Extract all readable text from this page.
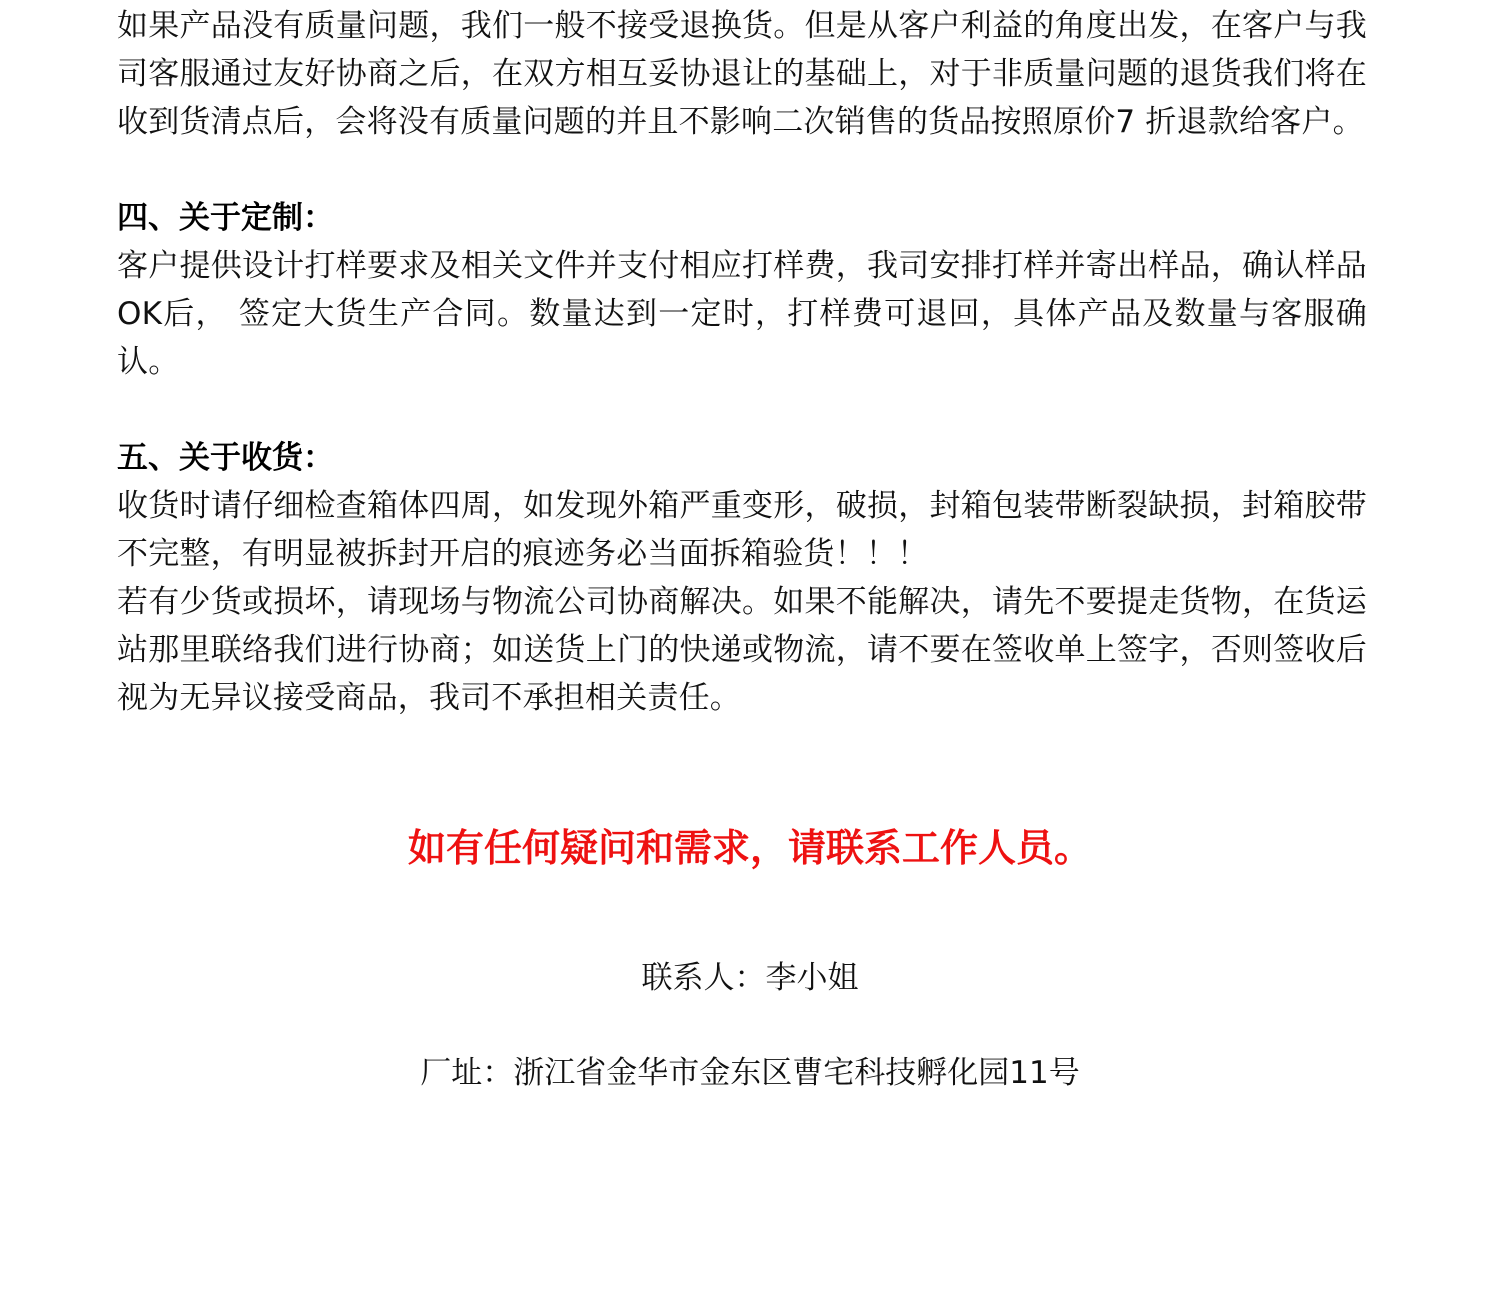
如果产品没有质量问题，我们一般不接受退换货。但是从客户利益的角度出发，在客户与我司客服通过友好协商之后，在双方相互妥协退让的基础上，对于非质量问题的退货我们将在收到货清点后，会将没有质量问题的并且不影响二次销售的货品按照原价7 折退款给客户。

四、关于定制：

客户提供设计打样要求及相关文件并支付相应打样费，我司安排打样并寄出样品，确认样品OK后， 签定大货生产合同。数量达到一定时，打样费可退回，具体产品及数量与客服确认。

五、关于收货：

收货时请仔细检查箱体四周，如发现外箱严重变形，破损，封箱包装带断裂缺损，封箱胶带不完整，有明显被拆封开启的痕迹务必当面拆箱验货！！！

若有少货或损坏，请现场与物流公司协商解决。如果不能解决，请先不要提走货物，在货运站那里联络我们进行协商；如送货上门的快递或物流，请不要在签收单上签字，否则签收后视为无异议接受商品，我司不承担相关责任。

如有任何疑问和需求，请联系工作人员。
联系人：李小姐
厂址：浙江省金华市金东区曹宅科技孵化园11号
